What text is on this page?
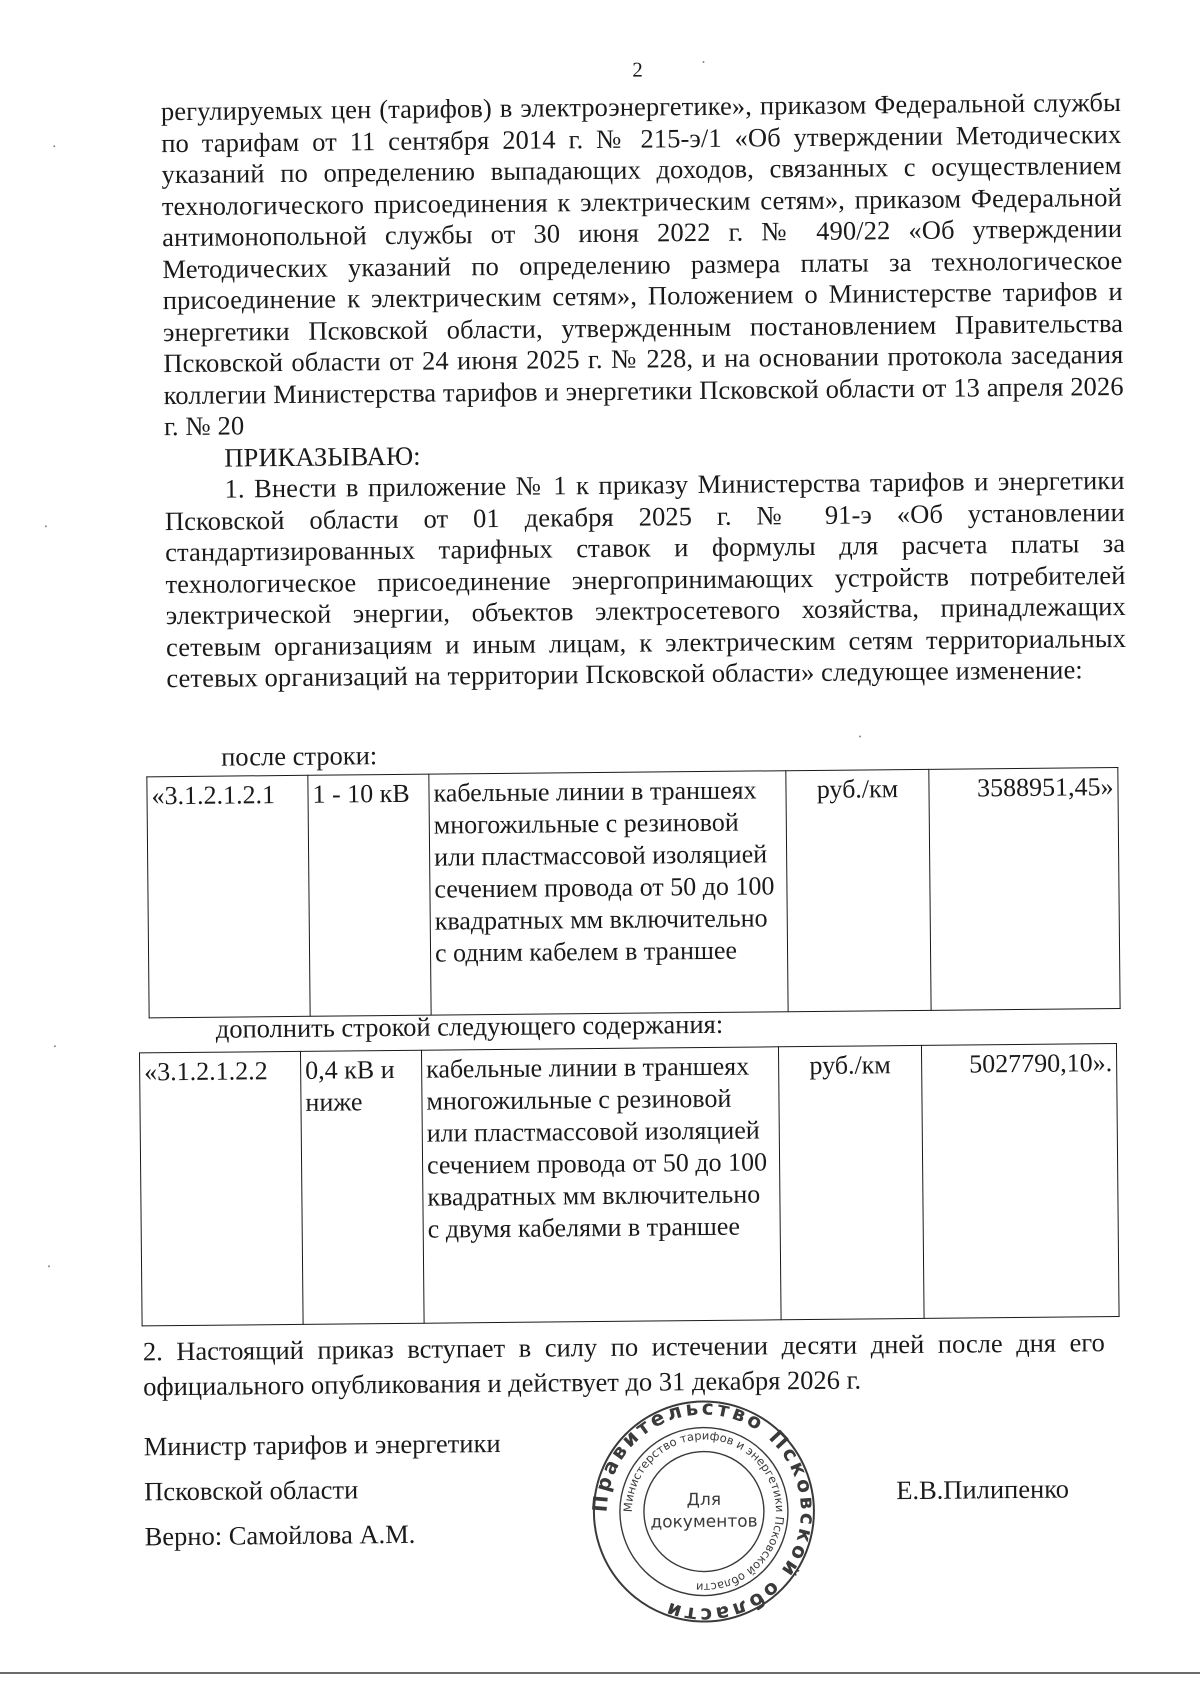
2
регулируемых цен (тарифов) в электроэнергетике», приказом Федеральной службы по тарифам от 11 сентября 2014 г. № 215-э/1 «Об утверждении Методических указаний по определению выпадающих доходов, связанных с осуществлением технологического присоединения к электрическим сетям», приказом Федеральной антимонопольной службы от 30 июня 2022 г. № 490/22 «Об утверждении Методических указаний по определению размера платы за технологическое присоединение к электрическим сетям», Положением о Министерстве тарифов и энергетики Псковской области, утвержденным постановлением Правительства Псковской области от 24 июня 2025 г. № 228, и на основании протокола заседания коллегии Министерства тарифов и энергетики Псковской области от 13 апреля 2026 г. № 20
ПРИКАЗЫВАЮ:
1. Внести в приложение № 1 к приказу Министерства тарифов и энергетики Псковской области от 01 декабря 2025 г. № 91-э «Об установлении стандартизированных тарифных ставок и формулы для расчета платы за технологическое присоединение энергопринимающих устройств потребителей электрической энергии, объектов электросетевого хозяйства, принадлежащих сетевым организациям и иным лицам, к электрическим сетям территориальных сетевых организаций на территории Псковской области» следующее изменение:
после строки:
«3.1.2.1.2.1	1 - 10 кВ	кабельные линии в траншеях многожильные с резиновой или пластмассовой изоляцией сечением провода от 50 до 100 квадратных мм включительно с одним кабелем в траншее	руб./км	3588951,45»
дополнить строкой следующего содержания:
«3.1.2.1.2.2	0,4 кВ и ниже	кабельные линии в траншеях многожильные с резиновой или пластмассовой изоляцией сечением провода от 50 до 100 квадратных мм включительно с двумя кабелями в траншее	руб./км	5027790,10».
2. Настоящий приказ вступает в силу по истечении десяти дней после дня его официального опубликования и действует до 31 декабря 2026 г.
Министр тарифов и энергетики
Псковской области
Верно: Самойлова А.М.
Е.В.Пилипенко
Правительство Псковской области
Министерство тарифов и энергетики Псковской области
Для
документов
